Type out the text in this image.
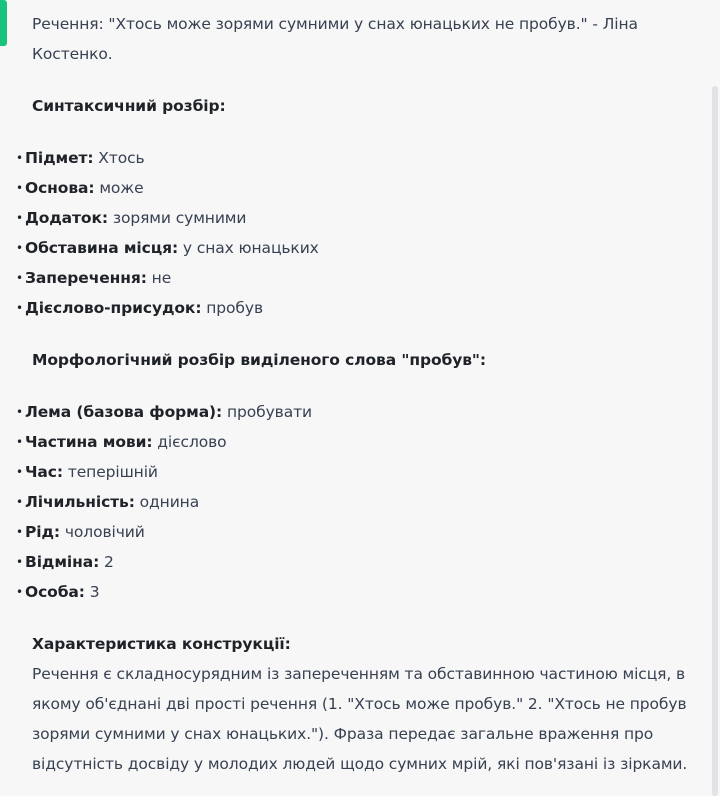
Речення: "Хтось може зорями сумними у снах юнацьких не пробув." - Ліна Костенко.

Синтаксичний розбір:

• Підмет: Хтось
• Основа: може
• Додаток: зорями сумними
• Обставина місця: у снах юнацьких
• Заперечення: не
• Дієслово-присудок: пробув

Морфологічний розбір виділеного слова "пробув":

• Лема (базова форма): пробувати
• Частина мови: дієслово
• Час: теперішній
• Лічильність: однина
• Рід: чоловічий
• Відміна: 2
• Особа: 3

Характеристика конструкції:

Речення є складносурядним із запереченням та обставинною частиною місця, в якому об'єднані дві прості речення (1. "Хтось може пробув." 2. "Хтось не пробув зорями сумними у снах юнацьких."). Фраза передає загальне враження про відсутність досвіду у молодих людей щодо сумних мрій, які пов'язані із зірками.
